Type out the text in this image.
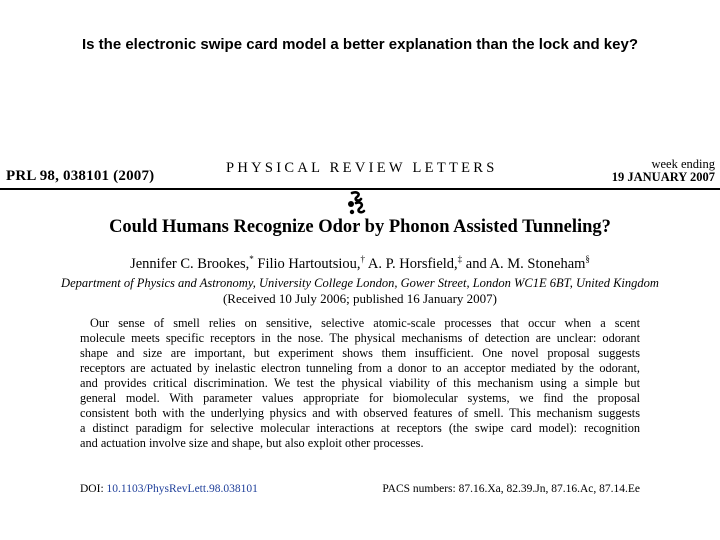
Is the electronic swipe card model a better explanation than the lock and key?
PRL 98, 038101 (2007)	PHYSICAL REVIEW LETTERS	week ending
19 JANUARY 2007
Could Humans Recognize Odor by Phonon Assisted Tunneling?
Jennifer C. Brookes,* Filio Hartoutsiou,† A. P. Horsfield,‡ and A. M. Stoneham§
Department of Physics and Astronomy, University College London, Gower Street, London WC1E 6BT, United Kingdom
(Received 10 July 2006; published 16 January 2007)
Our sense of smell relies on sensitive, selective atomic-scale processes that occur when a scent
molecule meets specific receptors in the nose. The physical mechanisms of detection are unclear: odorant
shape and size are important, but experiment shows them insufficient. One novel proposal suggests
receptors are actuated by inelastic electron tunneling from a donor to an acceptor mediated by the odorant,
and provides critical discrimination. We test the physical viability of this mechanism using a simple but
general model. With parameter values appropriate for biomolecular systems, we find the proposal
consistent both with the underlying physics and with observed features of smell. This mechanism suggests
a distinct paradigm for selective molecular interactions at receptors (the swipe card model): recognition
and actuation involve size and shape, but also exploit other processes.
DOI: 10.1103/PhysRevLett.98.038101	PACS numbers: 87.16.Xa, 82.39.Jn, 87.16.Ac, 87.14.Ee
